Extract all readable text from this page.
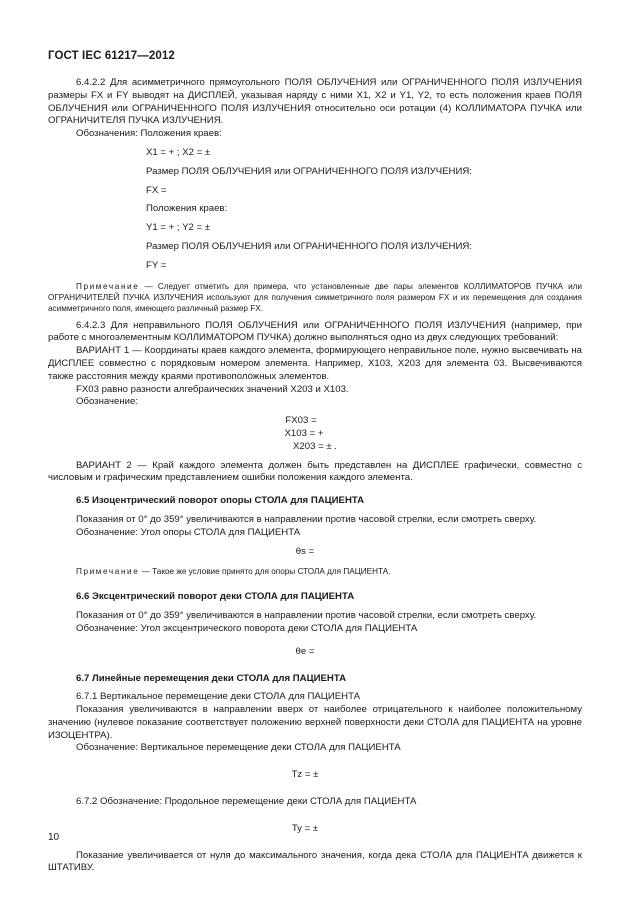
ГОСТ IEC 61217—2012

6.4.2.2 Для асимметричного прямоугольного ПОЛЯ ОБЛУЧЕНИЯ или ОГРАНИЧЕННОГО ПОЛЯ ИЗЛУЧЕНИЯ размеры FX и FY выводят на ДИСПЛЕЙ, указывая наряду с ними X1, X2 и Y1, Y2, то есть положения краев ПОЛЯ ОБЛУЧЕНИЯ или ОГРАНИЧЕННОГО ПОЛЯ ИЗЛУЧЕНИЯ относительно оси ротации (4) КОЛЛИМАТОРА ПУЧКА или ОГРАНИЧИТЕЛЯ ПУЧКА ИЗЛУЧЕНИЯ.

Обозначения: Положения краев:

X1 = + ; X2 = ±

Размер ПОЛЯ ОБЛУЧЕНИЯ или ОГРАНИЧЕННОГО ПОЛЯ ИЗЛУЧЕНИЯ:

FX =

Положения краев:

Y1 = + ; Y2 = ±

Размер ПОЛЯ ОБЛУЧЕНИЯ или ОГРАНИЧЕННОГО ПОЛЯ ИЗЛУЧЕНИЯ:

FY =

Примечание — Следует отметить для примера, что установленные две пары элементов КОЛЛИМАТОРОВ ПУЧКА или ОГРАНИЧИТЕЛЕЙ ПУЧКА ИЗЛУЧЕНИЯ используют для получения симметричного поля размером FX и их перемещения для создания асимметричного поля, имеющего различный размер FX.

6.4.2.3 Для неправильного ПОЛЯ ОБЛУЧЕНИЯ или ОГРАНИЧЕННОГО ПОЛЯ ИЗЛУЧЕНИЯ (например, при работе с многоэлементным КОЛЛИМАТОРОМ ПУЧКА) должно выполняться одно из двух следующих требований:

ВАРИАНТ 1 — Координаты краев каждого элемента, формирующего неправильное поле, нужно высвечивать на ДИСПЛЕЕ совместно с порядковым номером элемента. Например, X103, X203 для элемента 03. Высвечиваются также расстояния между краями противоположных элементов.

FX03 равно разности алгебраических значений X203 и X103.

Обозначение:

FX03 =

X103 = +

X203 = ± .

ВАРИАНТ 2 — Край каждого элемента должен быть представлен на ДИСПЛЕЕ графически, совместно с числовым и графическим представлением ошибки положения каждого элемента.

6.5 Изоцентрический поворот опоры СТОЛА для ПАЦИЕНТА

Показания от 0° до 359° увеличиваются в направлении против часовой стрелки, если смотреть сверху.

Обозначение: Угол опоры СТОЛА для ПАЦИЕНТА

θs =

Примечание — Такое же условие принято для опоры СТОЛА для ПАЦИЕНТА.

6.6 Эксцентрический поворот деки СТОЛА для ПАЦИЕНТА

Показания от 0° до 359° увеличиваются в направлении против часовой стрелки, если смотреть сверху.

Обозначение: Угол эксцентрического поворота деки СТОЛА для ПАЦИЕНТА

θe =

6.7 Линейные перемещения деки СТОЛА для ПАЦИЕНТА

6.7.1 Вертикальное перемещение деки СТОЛА для ПАЦИЕНТА

Показания увеличиваются в направлении вверх от наиболее отрицательного к наиболее положительному значению (нулевое показание соответствует положению верхней поверхности деки СТОЛА для ПАЦИЕНТА на уровне ИЗОЦЕНТРА).

Обозначение: Вертикальное перемещение деки СТОЛА для ПАЦИЕНТА

Tz = ±

6.7.2 Обозначение: Продольное перемещение деки СТОЛА для ПАЦИЕНТА

Ty = ±

Показание увеличивается от нуля до максимального значения, когда дека СТОЛА для ПАЦИЕНТА движется к ШТАТИВУ.

10
